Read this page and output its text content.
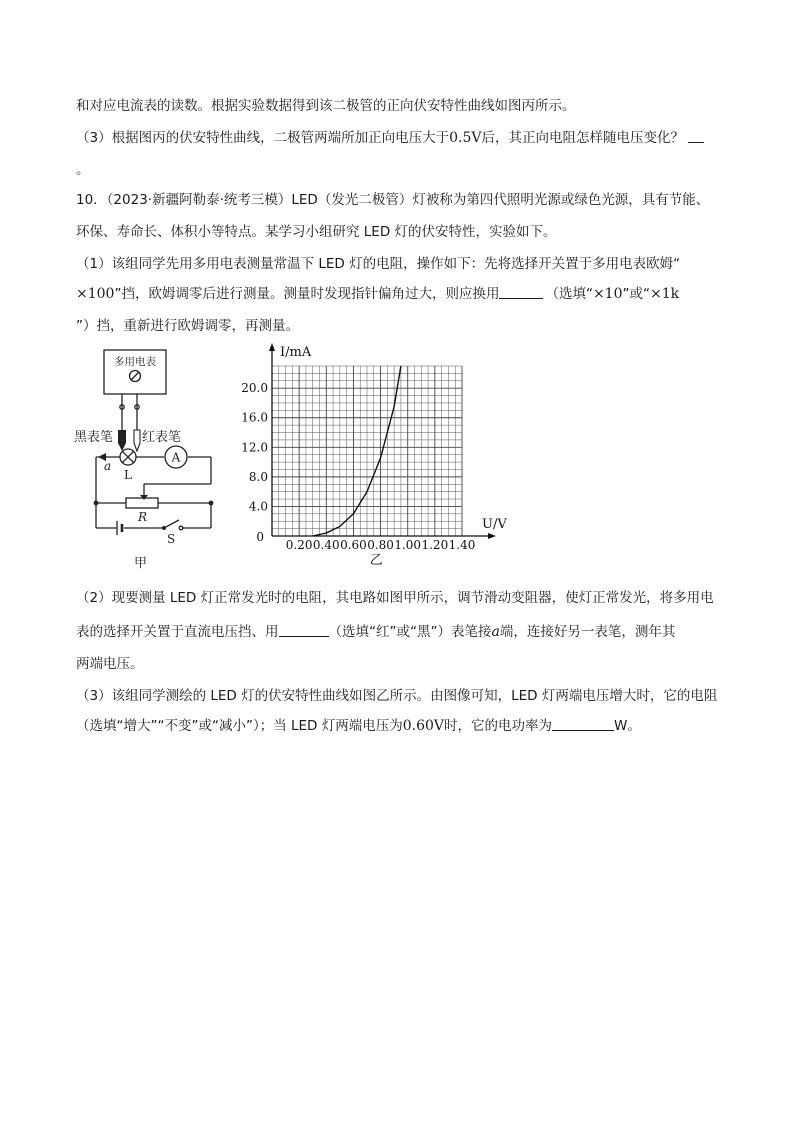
和对应电流表的读数。根据实验数据得到该二极管的正向伏安特性曲线如图丙所示。
（3）根据图丙的伏安特性曲线，二极管两端所加正向电压大于0.5V后，其正向电阻怎样随电压变化？
。
10．（2023·新疆阿勒泰·统考三模）LED（发光二极管）灯被称为第四代照明光源或绿色光源，具有节能、
环保、寿命长、体积小等特点。某学习小组研究 LED 灯的伏安特性，实验如下。
（1）该组同学先用多用电表测量常温下 LED 灯的电阻，操作如下：先将选择开关置于多用电表欧姆“
×100”挡，欧姆调零后进行测量。测量时发现指针偏角过大，则应换用	（选填“×10”或“×1k
”）挡，重新进行欧姆调零，再测量。
多用电表
A
黑表笔 红表笔
a
L
R
S
甲
0.20 0.40 0.60 0.80 1.00 1.20 1.40
4.0
8.0
12.0
16.0
20.0
0
I/mA
U/V
乙
（2）现要测量 LED 灯正常发光时的电阻，其电路如图甲所示，调节滑动变阻器，使灯正常发光，将多用电
表的选择开关置于直流电压挡、用	（选填“红”或“黑”）表笔接a端，连接好另一表笔，测年其
两端电压。
（3）该组同学测绘的 LED 灯的伏安特性曲线如图乙所示。由图像可知，LED 灯两端电压增大时，它的电阻
（选填“增大”“不变”或“减小”）；当 LED 灯两端电压为0.60V时，它的电功率为	W。
